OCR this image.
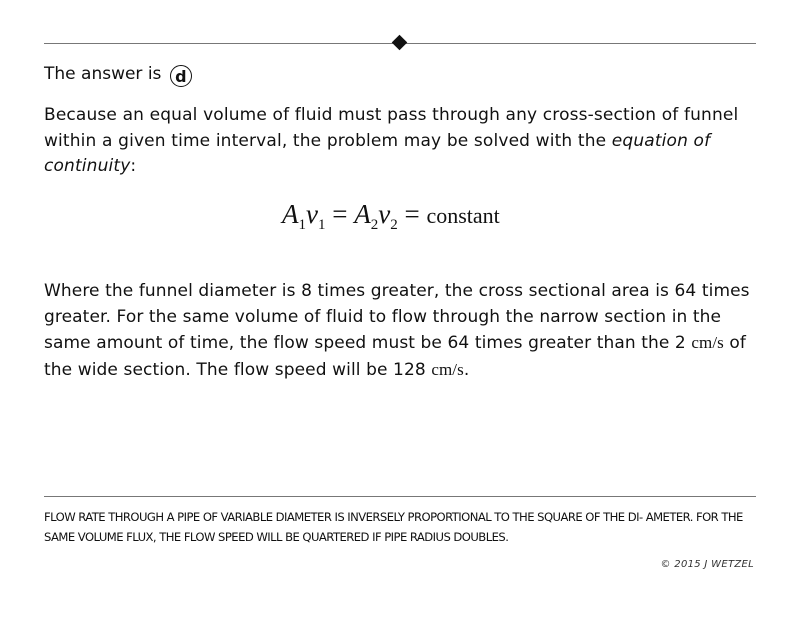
The answer is d
Because an equal volume of fluid must pass through any cross-section of funnel within a given time interval, the problem may be solved with the equation of continuity:
$A_1v_1 = A_2v_2$ = constant
Where the funnel diameter is 8 times greater, the cross sectional area is 64 times greater. For the same volume of fluid to flow through the narrow section in the same amount of time, the flow speed must be 64 times greater than the 2 cm/s of the wide section. The flow speed will be 128 cm/s.
FLOW RATE THROUGH A PIPE OF VARIABLE DIAMETER IS INVERSELY PROPORTIONAL TO THE SQUARE OF THE DI- AMETER. FOR THE SAME VOLUME FLUX, THE FLOW SPEED WILL BE QUARTERED IF PIPE RADIUS DOUBLES.
© 2015 J WETZEL
